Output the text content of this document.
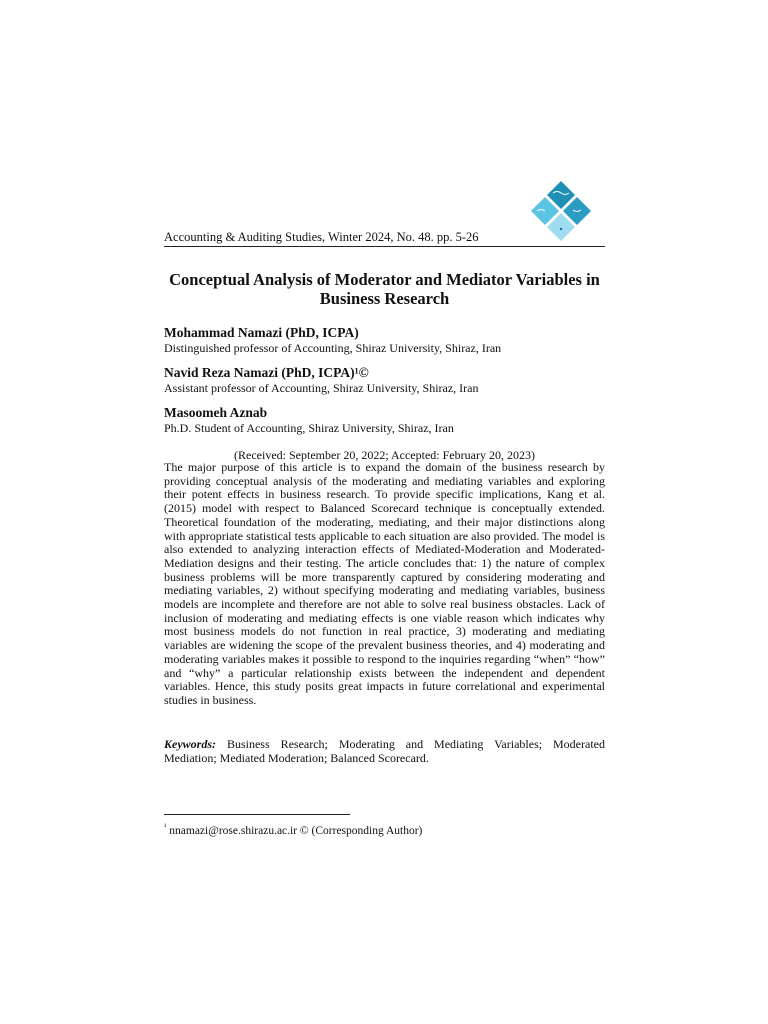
Accounting & Auditing Studies, Winter 2024, No. 48. pp. 5-26
Conceptual Analysis of Moderator and Mediator Variables in Business Research
Mohammad Namazi (PhD, ICPA)
Distinguished professor of Accounting, Shiraz University, Shiraz, Iran
Navid Reza Namazi (PhD, ICPA)¹©
Assistant professor of Accounting, Shiraz University, Shiraz, Iran
Masoomeh Aznab
Ph.D. Student of Accounting, Shiraz University, Shiraz, Iran
(Received: September 20, 2022; Accepted: February 20, 2023)
The major purpose of this article is to expand the domain of the business research by providing conceptual analysis of the moderating and mediating variables and exploring their potent effects in business research. To provide specific implications, Kang et al. (2015) model with respect to Balanced Scorecard technique is conceptually extended. Theoretical foundation of the moderating, mediating, and their major distinctions along with appropriate statistical tests applicable to each situation are also provided. The model is also extended to analyzing interaction effects of Mediated-Moderation and Moderated-Mediation designs and their testing. The article concludes that: 1) the nature of complex business problems will be more transparently captured by considering moderating and mediating variables, 2) without specifying moderating and mediating variables, business models are incomplete and therefore are not able to solve real business obstacles. Lack of inclusion of moderating and mediating effects is one viable reason which indicates why most business models do not function in real practice, 3) moderating and mediating variables are widening the scope of the prevalent business theories, and 4) moderating and moderating variables makes it possible to respond to the inquiries regarding “when” “how” and “why” a particular relationship exists between the independent and dependent variables. Hence, this study posits great impacts in future correlational and experimental studies in business.
Keywords: Business Research; Moderating and Mediating Variables; Moderated Mediation; Mediated Moderation; Balanced Scorecard.
$^{^1}$ nnamazi@rose.shirazu.ac.ir © (Corresponding Author)
